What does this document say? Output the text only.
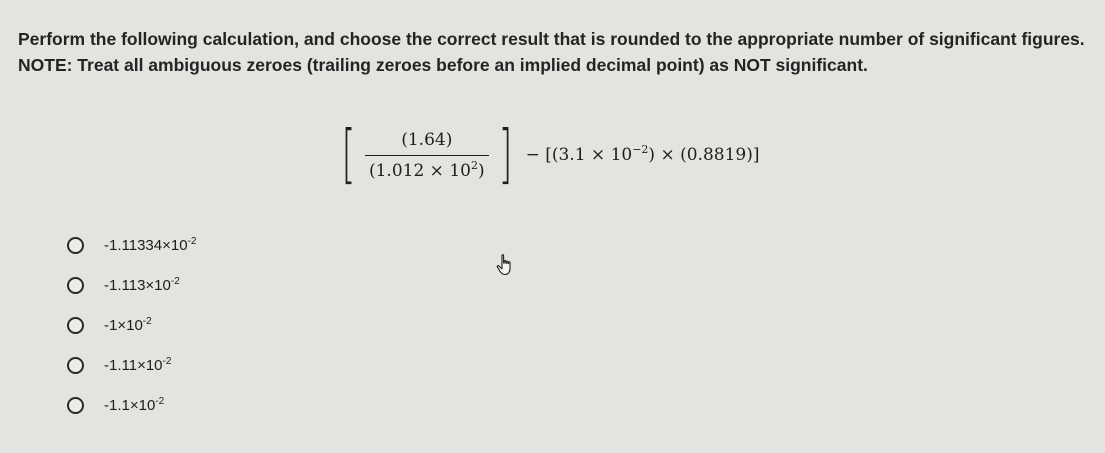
Perform the following calculation, and choose the correct result that is rounded to the appropriate number of significant figures. NOTE: Treat all ambiguous zeroes (trailing zeroes before an implied decimal point) as NOT significant.
[ $\frac{(1.64)}{(1.012 \times 10^2)}$ ] − $[(3.1 \times 10^{-2}) \times (0.8819)]$
$-1.11334\times 10^{-2}$
$-1.113\times 10^{-2}$
$-1\times 10^{-2}$
$-1.11\times 10^{-2}$
$-1.1\times 10^{-2}$
